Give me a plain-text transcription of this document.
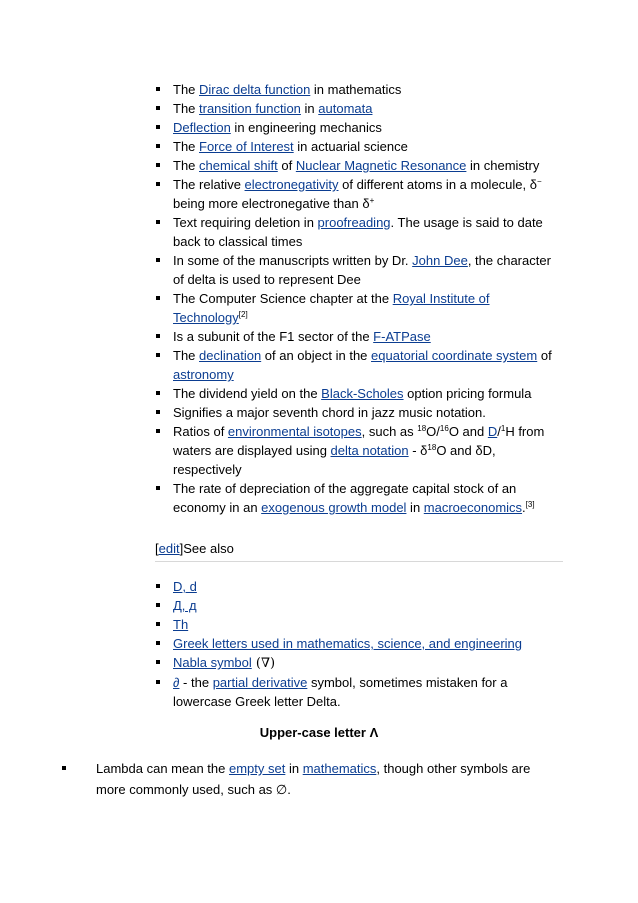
The Dirac delta function in mathematics
The transition function in automata
Deflection in engineering mechanics
The Force of Interest in actuarial science
The chemical shift of Nuclear Magnetic Resonance in chemistry
The relative electronegativity of different atoms in a molecule, δ− being more electronegative than δ+
Text requiring deletion in proofreading. The usage is said to date back to classical times
In some of the manuscripts written by Dr. John Dee, the character of delta is used to represent Dee
The Computer Science chapter at the Royal Institute of Technology[2]
Is a subunit of the F1 sector of the F-ATPase
The declination of an object in the equatorial coordinate system of astronomy
The dividend yield on the Black-Scholes option pricing formula
Signifies a major seventh chord in jazz music notation.
Ratios of environmental isotopes, such as $^{18}$O/$^{16}$O and D/$^1$H from waters are displayed using delta notation - $\delta^{18}O$ and δD, respectively
The rate of depreciation of the aggregate capital stock of an economy in an exogenous growth model in macroeconomics.[3]
[edit]See also
D, d
Д, д
Th
Greek letters used in mathematics, science, and engineering
Nabla symbol (∇)
∂ - the partial derivative symbol, sometimes mistaken for a lowercase Greek letter Delta.
Upper-case letter Λ

Lambda can mean the empty set in mathematics, though other symbols are more commonly used, such as ∅.
